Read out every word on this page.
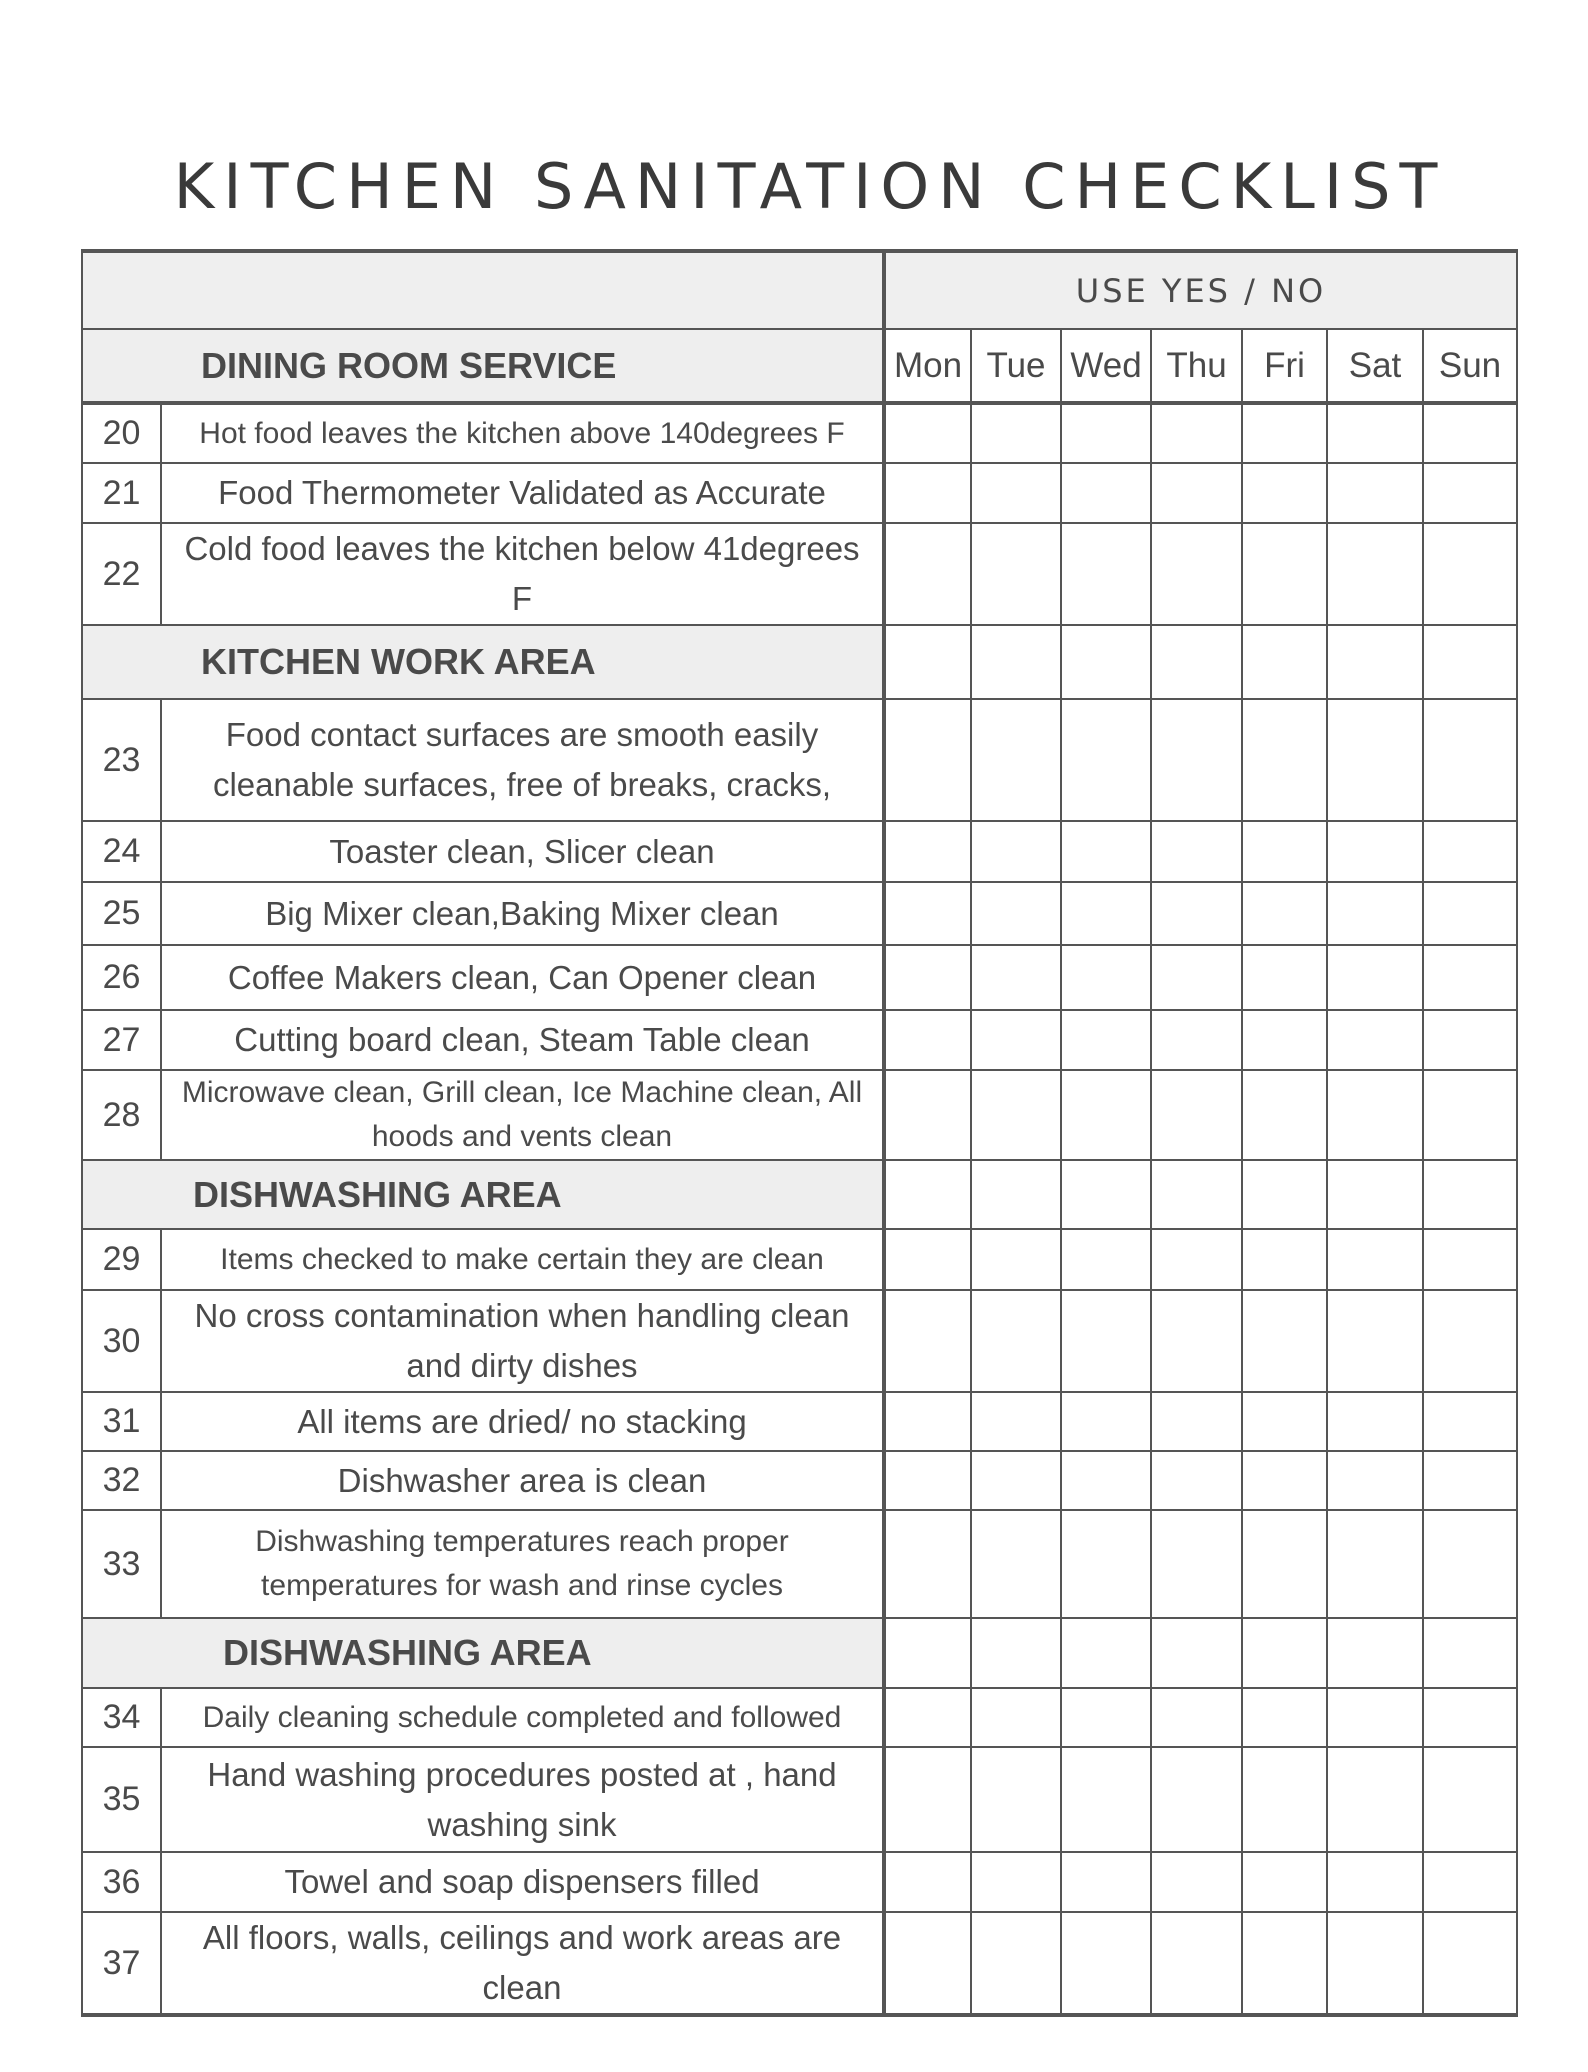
KITCHEN SANITATION CHECKLIST
		USE YES / NO						
DINING ROOM SERVICE		Mon	Tue	Wed	Thu	Fri	Sat	Sun
20	Hot food leaves the kitchen above 140degrees F							
21	Food Thermometer Validated as Accurate							
22	Cold food leaves the kitchen below 41degrees F							
KITCHEN WORK AREA								
23	Food contact surfaces are smooth easily cleanable surfaces, free of breaks, cracks,							
24	Toaster clean, Slicer clean							
25	Big Mixer clean,Baking Mixer clean							
26	Coffee Makers clean, Can Opener clean							
27	Cutting board clean, Steam Table clean							
28	Microwave clean, Grill clean, Ice Machine clean, All hoods and vents clean							
DISHWASHING AREA								
29	Items checked to make certain they are clean							
30	No cross contamination when handling clean and dirty dishes							
31	All items are dried/ no stacking							
32	Dishwasher area is clean							
33	Dishwashing temperatures reach proper temperatures for wash and rinse cycles							
DISHWASHING AREA								
34	Daily cleaning schedule completed and followed							
35	Hand washing procedures posted at , hand washing sink							
36	Towel and soap dispensers filled							
37	All floors, walls, ceilings and work areas are clean							
